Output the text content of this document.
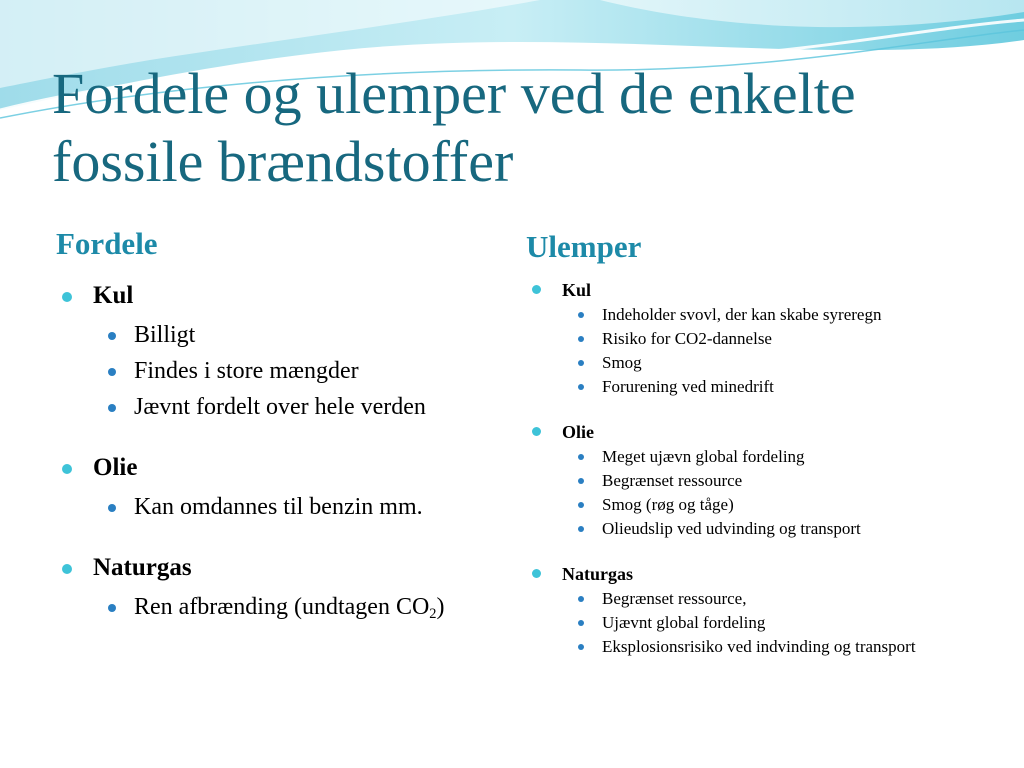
Fordele og ulemper ved de enkelte fossile brændstoffer
Fordele	Ulemper
Kul
Billigt
Findes i store mængder
Jævnt fordelt over hele verden
Olie
Kan omdannes til benzin mm.
Naturgas
Ren afbrænding (undtagen $CO_2$)
Kul
Indeholder svovl, der kan skabe syreregn
Risiko for CO2-dannelse
Smog
Forurening ved minedrift
Olie
Meget ujævn global fordeling
Begrænset ressource
Smog (røg og tåge)
Olieudslip ved udvinding og transport
Naturgas
Begrænset ressource,
Ujævnt global fordeling
Eksplosionsrisiko ved indvinding og transport
